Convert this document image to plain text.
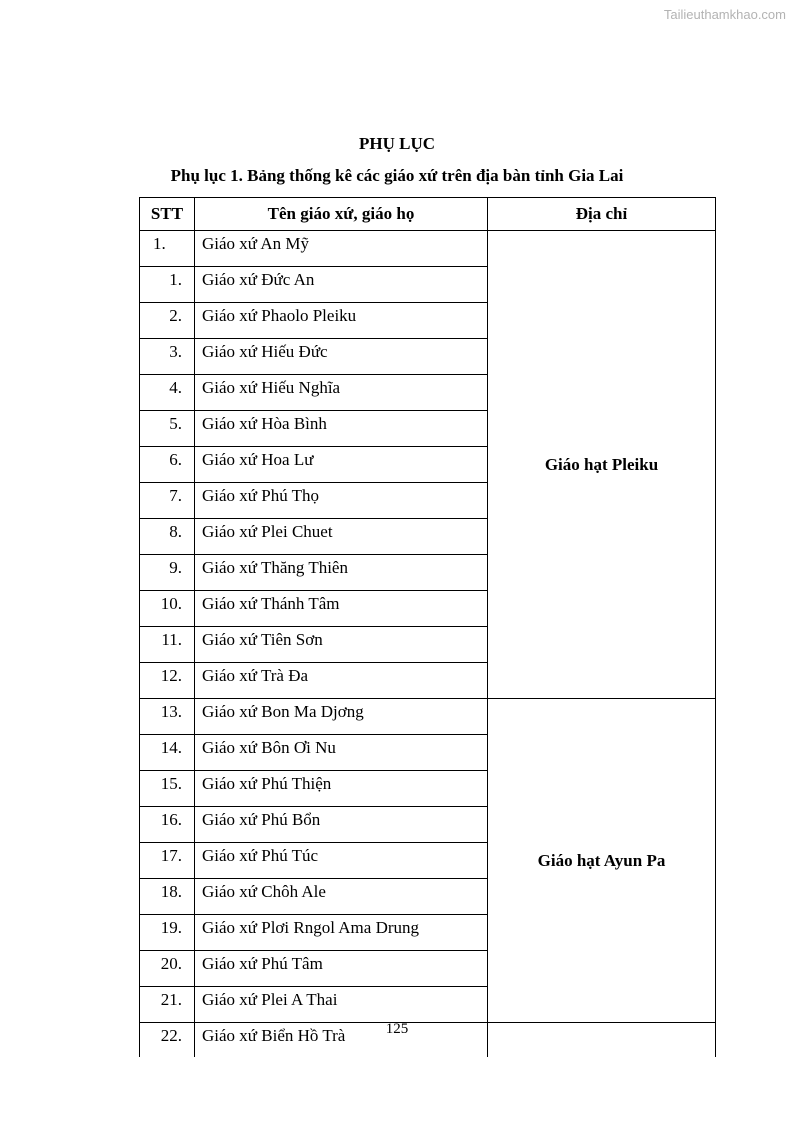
Tailieuthamkhao.com
PHỤ LỤC
Phụ lục 1. Bảng thống kê các giáo xứ trên địa bàn tỉnh Gia Lai
STT	Tên giáo xứ, giáo họ	Địa chỉ
1.	Giáo xứ An Mỹ	Giáo hạt Pleiku
1.	Giáo xứ Đức An	
2.	Giáo xứ Phaolo Pleiku	
3.	Giáo xứ Hiếu Đức	
4.	Giáo xứ Hiếu Nghĩa	
5.	Giáo xứ Hòa Bình	
6.	Giáo xứ Hoa Lư	
7.	Giáo xứ Phú Thọ	
8.	Giáo xứ Plei Chuet	
9.	Giáo xứ Thăng Thiên	
10.	Giáo xứ Thánh Tâm	
11.	Giáo xứ Tiên Sơn	
12.	Giáo xứ Trà Đa	
13.	Giáo xứ Bon Ma Djơng	Giáo hạt Ayun Pa
14.	Giáo xứ Bôn Ơi Nu	
15.	Giáo xứ Phú Thiện	
16.	Giáo xứ Phú Bổn	
17.	Giáo xứ Phú Túc	
18.	Giáo xứ Chôh Ale	
19.	Giáo xứ Plơi Rngol Ama Drung	
20.	Giáo xứ Phú Tâm	
21.	Giáo xứ Plei A Thai	
22.	Giáo xứ Biển Hồ Trà		125
